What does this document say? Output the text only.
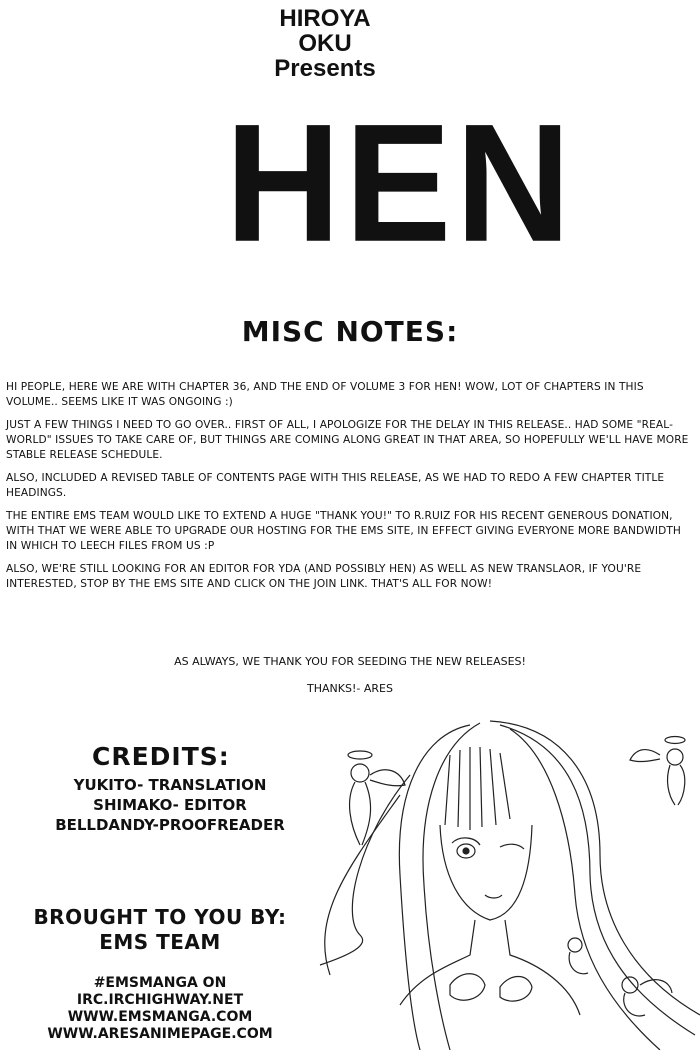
HIROYA
OKU
Presents
HEN
MISC NOTES:

HI PEOPLE, HERE WE ARE WITH CHAPTER 36, AND THE END OF VOLUME 3 FOR HEN! WOW, LOT OF CHAPTERS IN THIS VOLUME.. SEEMS LIKE IT WAS ONGOING :)

JUST A FEW THINGS I NEED TO GO OVER.. FIRST OF ALL, I APOLOGIZE FOR THE DELAY IN THIS RELEASE.. HAD SOME "REAL-WORLD" ISSUES TO TAKE CARE OF, BUT THINGS ARE COMING ALONG GREAT IN THAT AREA, SO HOPEFULLY WE'LL HAVE MORE STABLE RELEASE SCHEDULE.

ALSO, INCLUDED A REVISED TABLE OF CONTENTS PAGE WITH THIS RELEASE, AS WE HAD TO REDO A FEW CHAPTER TITLE HEADINGS.

THE ENTIRE EMS TEAM WOULD LIKE TO EXTEND A HUGE "THANK YOU!" TO R.RUIZ FOR HIS RECENT GENEROUS DONATION, WITH THAT WE WERE ABLE TO UPGRADE OUR HOSTING FOR THE EMS SITE, IN EFFECT GIVING EVERYONE MORE BANDWIDTH IN WHICH TO LEECH FILES FROM US :P

ALSO, WE'RE STILL LOOKING FOR AN EDITOR FOR YDA (AND POSSIBLY HEN) AS WELL AS NEW TRANSLAOR, IF YOU'RE INTERESTED, STOP BY THE EMS SITE AND CLICK ON THE JOIN LINK. THAT'S ALL FOR NOW!

AS ALWAYS, WE THANK YOU FOR SEEDING THE NEW RELEASES!
THANKS!- ARES
CREDITS:
YUKITO- TRANSLATION
SHIMAKO- EDITOR
BELLDANDY-PROOFREADER
BROUGHT TO YOU BY:
EMS TEAM
#EMSMANGA ON
IRC.IRCHIGHWAY.NET
WWW.EMSMANGA.COM
WWW.ARESANIMEPAGE.COM
